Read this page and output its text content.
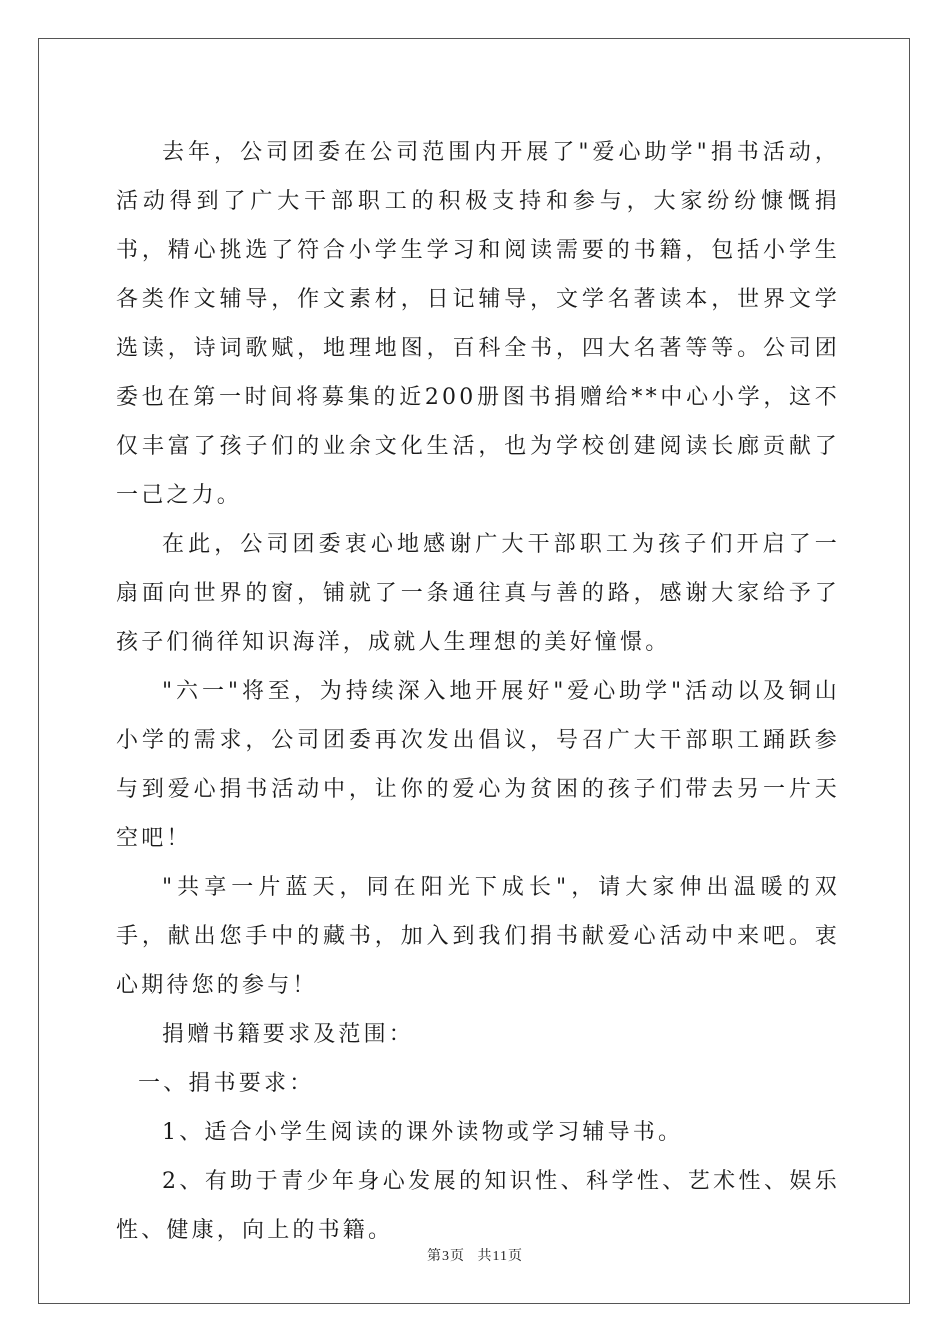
去年，公司团委在公司范围内开展了"爱心助学"捐书活动，活动得到了广大干部职工的积极支持和参与，大家纷纷慷慨捐书，精心挑选了符合小学生学习和阅读需要的书籍，包括小学生各类作文辅导，作文素材，日记辅导，文学名著读本，世界文学选读，诗词歌赋，地理地图，百科全书，四大名著等等。公司团委也在第一时间将募集的近200册图书捐赠给**中心小学，这不仅丰富了孩子们的业余文化生活，也为学校创建阅读长廊贡献了一己之力。

在此，公司团委衷心地感谢广大干部职工为孩子们开启了一扇面向世界的窗，铺就了一条通往真与善的路，感谢大家给予了孩子们徜徉知识海洋，成就人生理想的美好憧憬。

"六一"将至，为持续深入地开展好"爱心助学"活动以及铜山小学的需求，公司团委再次发出倡议，号召广大干部职工踊跃参与到爱心捐书活动中，让你的爱心为贫困的孩子们带去另一片天空吧！

"共享一片蓝天，同在阳光下成长"，请大家伸出温暖的双手，献出您手中的藏书，加入到我们捐书献爱心活动中来吧。衷心期待您的参与！

捐赠书籍要求及范围：

一、捐书要求：

1、适合小学生阅读的课外读物或学习辅导书。

2、有助于青少年身心发展的知识性、科学性、艺术性、娱乐性、健康，向上的书籍。

第3页 共11页
